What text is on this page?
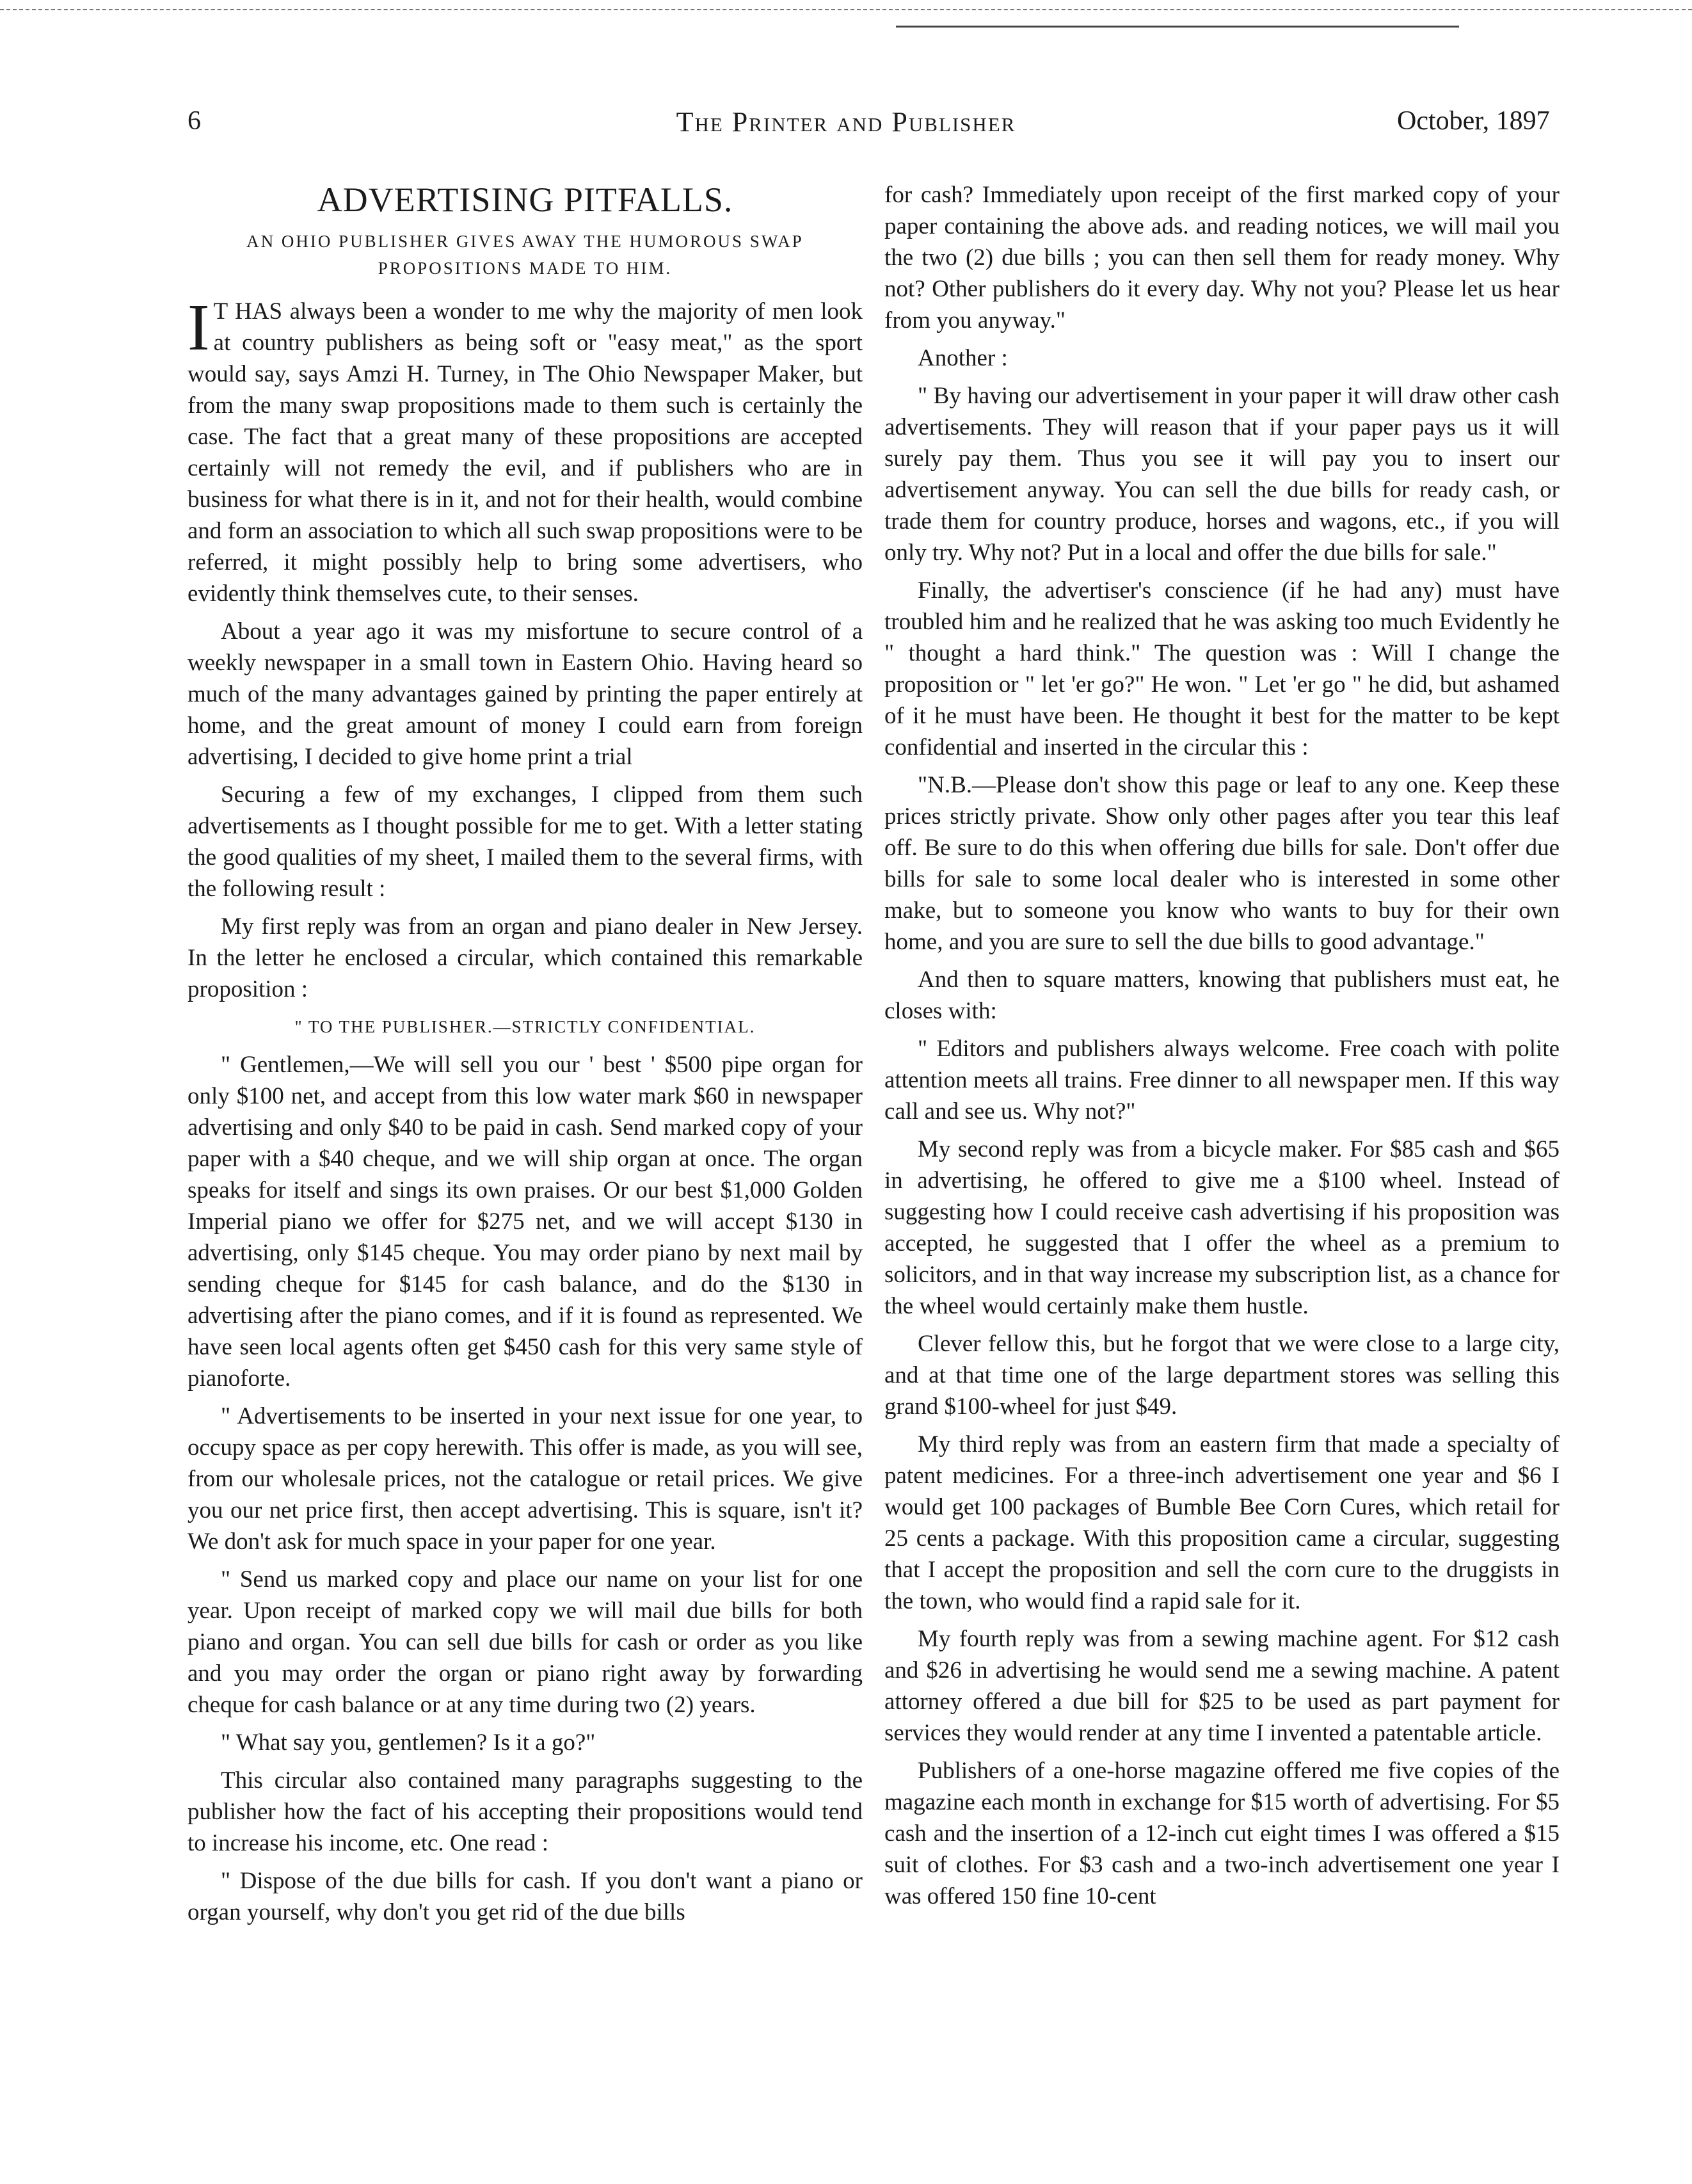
6	The Printer and Publisher	October, 1897
ADVERTISING PITFALLS.
AN OHIO PUBLISHER GIVES AWAY THE HUMOROUS SWAP PROPOSITIONS MADE TO HIM.

IT HAS always been a wonder to me why the majority of men look at country publishers as being soft or "easy meat," as the sport would say, says Amzi H. Turney, in The Ohio Newspaper Maker, but from the many swap propositions made to them such is certainly the case. The fact that a great many of these propositions are accepted certainly will not remedy the evil, and if publishers who are in business for what there is in it, and not for their health, would combine and form an association to which all such swap propositions were to be referred, it might possibly help to bring some advertisers, who evidently think themselves cute, to their senses.

About a year ago it was my misfortune to secure control of a weekly newspaper in a small town in Eastern Ohio. Having heard so much of the many advantages gained by printing the paper entirely at home, and the great amount of money I could earn from foreign advertising, I decided to give home print a trial

Securing a few of my exchanges, I clipped from them such advertisements as I thought possible for me to get. With a letter stating the good qualities of my sheet, I mailed them to the several firms, with the following result :

My first reply was from an organ and piano dealer in New Jersey. In the letter he enclosed a circular, which contained this remarkable proposition :

" TO THE PUBLISHER.—STRICTLY CONFIDENTIAL.

" Gentlemen,—We will sell you our ' best ' $500 pipe organ for only $100 net, and accept from this low water mark $60 in newspaper advertising and only $40 to be paid in cash. Send marked copy of your paper with a $40 cheque, and we will ship organ at once. The organ speaks for itself and sings its own praises. Or our best $1,000 Golden Imperial piano we offer for $275 net, and we will accept $130 in advertising, only $145 cheque. You may order piano by next mail by sending cheque for $145 for cash balance, and do the $130 in advertising after the piano comes, and if it is found as represented. We have seen local agents often get $450 cash for this very same style of pianoforte.

" Advertisements to be inserted in your next issue for one year, to occupy space as per copy herewith. This offer is made, as you will see, from our wholesale prices, not the catalogue or retail prices. We give you our net price first, then accept advertising. This is square, isn't it? We don't ask for much space in your paper for one year.

" Send us marked copy and place our name on your list for one year. Upon receipt of marked copy we will mail due bills for both piano and organ. You can sell due bills for cash or order as you like and you may order the organ or piano right away by forwarding cheque for cash balance or at any time during two (2) years.

" What say you, gentlemen? Is it a go?"

This circular also contained many paragraphs suggesting to the publisher how the fact of his accepting their propositions would tend to increase his income, etc. One read :

" Dispose of the due bills for cash. If you don't want a piano or organ yourself, why don't you get rid of the due bills

for cash? Immediately upon receipt of the first marked copy of your paper containing the above ads. and reading notices, we will mail you the two (2) due bills ; you can then sell them for ready money. Why not? Other publishers do it every day. Why not you? Please let us hear from you anyway."

Another :

" By having our advertisement in your paper it will draw other cash advertisements. They will reason that if your paper pays us it will surely pay them. Thus you see it will pay you to insert our advertisement anyway. You can sell the due bills for ready cash, or trade them for country produce, horses and wagons, etc., if you will only try. Why not? Put in a local and offer the due bills for sale."

Finally, the advertiser's conscience (if he had any) must have troubled him and he realized that he was asking too much Evidently he " thought a hard think." The question was : Will I change the proposition or " let 'er go?" He won. " Let 'er go " he did, but ashamed of it he must have been. He thought it best for the matter to be kept confidential and inserted in the circular this :

"N.B.—Please don't show this page or leaf to any one. Keep these prices strictly private. Show only other pages after you tear this leaf off. Be sure to do this when offering due bills for sale. Don't offer due bills for sale to some local dealer who is interested in some other make, but to someone you know who wants to buy for their own home, and you are sure to sell the due bills to good advantage."

And then to square matters, knowing that publishers must eat, he closes with:

" Editors and publishers always welcome. Free coach with polite attention meets all trains. Free dinner to all newspaper men. If this way call and see us. Why not?"

My second reply was from a bicycle maker. For $85 cash and $65 in advertising, he offered to give me a $100 wheel. Instead of suggesting how I could receive cash advertising if his proposition was accepted, he suggested that I offer the wheel as a premium to solicitors, and in that way increase my subscription list, as a chance for the wheel would certainly make them hustle.

Clever fellow this, but he forgot that we were close to a large city, and at that time one of the large department stores was selling this grand $100-wheel for just $49.

My third reply was from an eastern firm that made a specialty of patent medicines. For a three-inch advertisement one year and $6 I would get 100 packages of Bumble Bee Corn Cures, which retail for 25 cents a package. With this proposition came a circular, suggesting that I accept the proposition and sell the corn cure to the druggists in the town, who would find a rapid sale for it.

My fourth reply was from a sewing machine agent. For $12 cash and $26 in advertising he would send me a sewing machine. A patent attorney offered a due bill for $25 to be used as part payment for services they would render at any time I invented a patentable article.

Publishers of a one-horse magazine offered me five copies of the magazine each month in exchange for $15 worth of advertising. For $5 cash and the insertion of a 12-inch cut eight times I was offered a $15 suit of clothes. For $3 cash and a two-inch advertisement one year I was offered 150 fine 10-cent
